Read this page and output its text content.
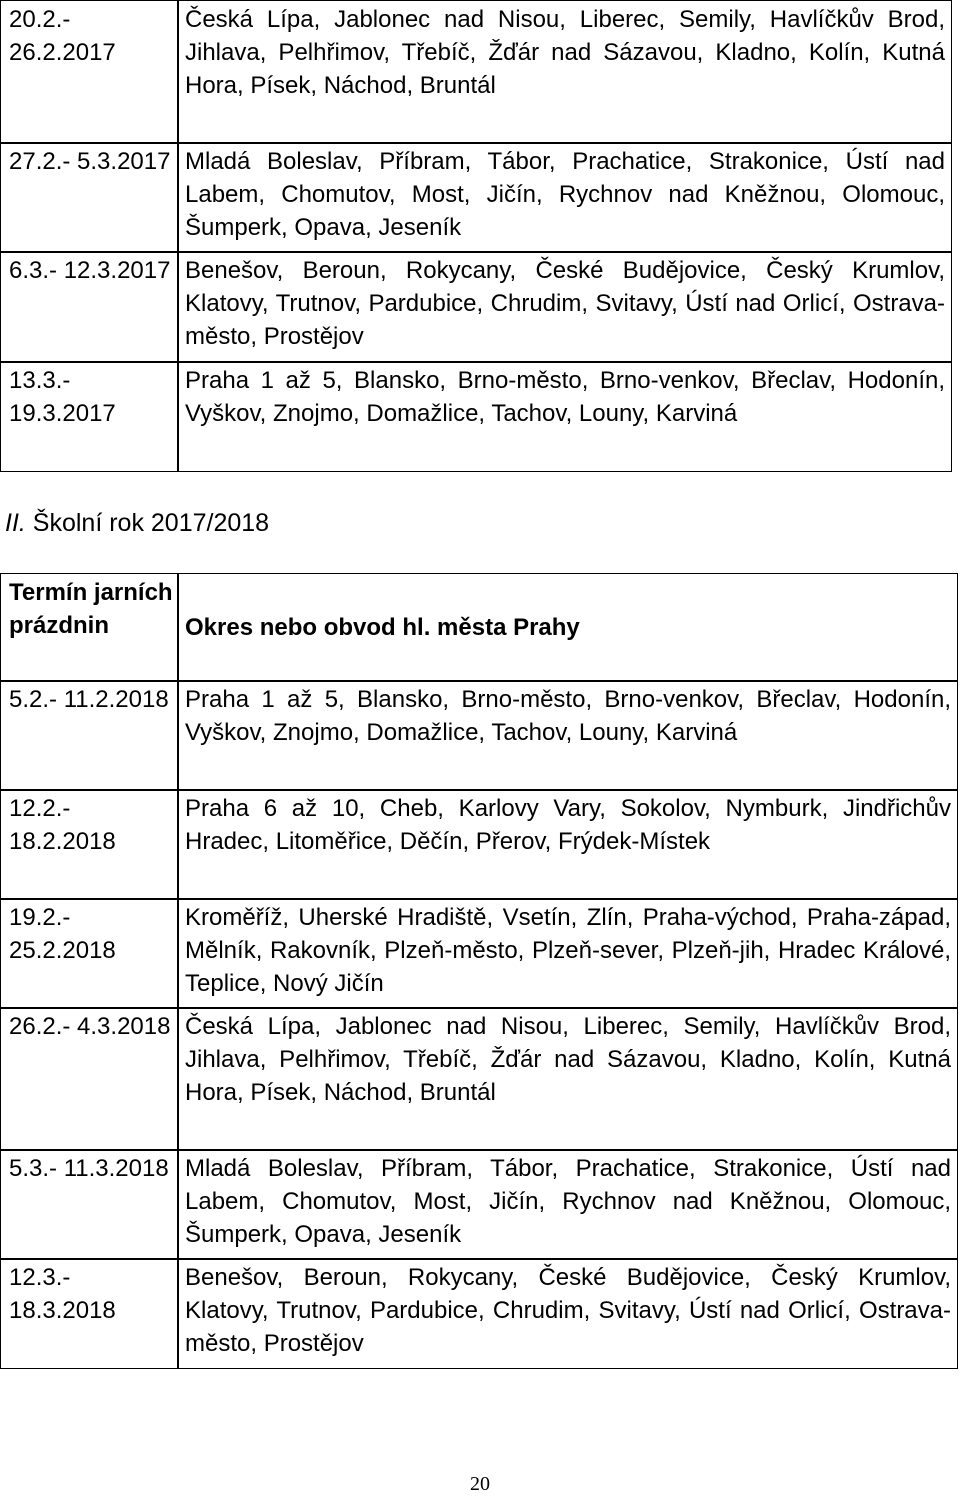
20.2.- 26.2.2017	Česká Lípa, Jablonec nad Nisou, Liberec, Semily, Havlíčkův Brod, Jihlava, Pelhřimov, Třebíč, Žďár nad Sázavou, Kladno, Kolín, Kutná Hora, Písek, Náchod, Bruntál

27.2.- 5.3.2017	Mladá Boleslav, Příbram, Tábor, Prachatice, Strakonice, Ústí nad Labem, Chomutov, Most, Jičín, Rychnov nad Kněžnou, Olomouc, Šumperk, Opava, Jeseník

6.3.- 12.3.2017	Benešov, Beroun, Rokycany, České Budějovice, Český Krumlov, Klatovy, Trutnov, Pardubice, Chrudim, Svitavy, Ústí nad Orlicí, Ostrava-město, Prostějov

13.3.- 19.3.2017	Praha 1 až 5, Blansko, Brno-město, Brno-venkov, Břeclav, Hodonín, Vyškov, Znojmo, Domažlice, Tachov, Louny, Karviná
II. Školní rok 2017/2018
Termín jarních prázdnin	Okres nebo obvod hl. města Prahy

5.2.- 11.2.2018	Praha 1 až 5, Blansko, Brno-město, Brno-venkov, Břeclav, Hodonín, Vyškov, Znojmo, Domažlice, Tachov, Louny, Karviná

12.2.- 18.2.2018	Praha 6 až 10, Cheb, Karlovy Vary, Sokolov, Nymburk, Jindřichův Hradec, Litoměřice, Děčín, Přerov, Frýdek-Místek

19.2.- 25.2.2018	Kroměříž, Uherské Hradiště, Vsetín, Zlín, Praha-východ, Praha-západ, Mělník, Rakovník, Plzeň-město, Plzeň-sever, Plzeň-jih, Hradec Králové, Teplice, Nový Jičín

26.2.- 4.3.2018	Česká Lípa, Jablonec nad Nisou, Liberec, Semily, Havlíčkův Brod, Jihlava, Pelhřimov, Třebíč, Žďár nad Sázavou, Kladno, Kolín, Kutná Hora, Písek, Náchod, Bruntál

5.3.- 11.3.2018	Mladá Boleslav, Příbram, Tábor, Prachatice, Strakonice, Ústí nad Labem, Chomutov, Most, Jičín, Rychnov nad Kněžnou, Olomouc, Šumperk, Opava, Jeseník

12.3.- 18.3.2018	Benešov, Beroun, Rokycany, České Budějovice, Český Krumlov, Klatovy, Trutnov, Pardubice, Chrudim, Svitavy, Ústí nad Orlicí, Ostrava-město, Prostějov
20
